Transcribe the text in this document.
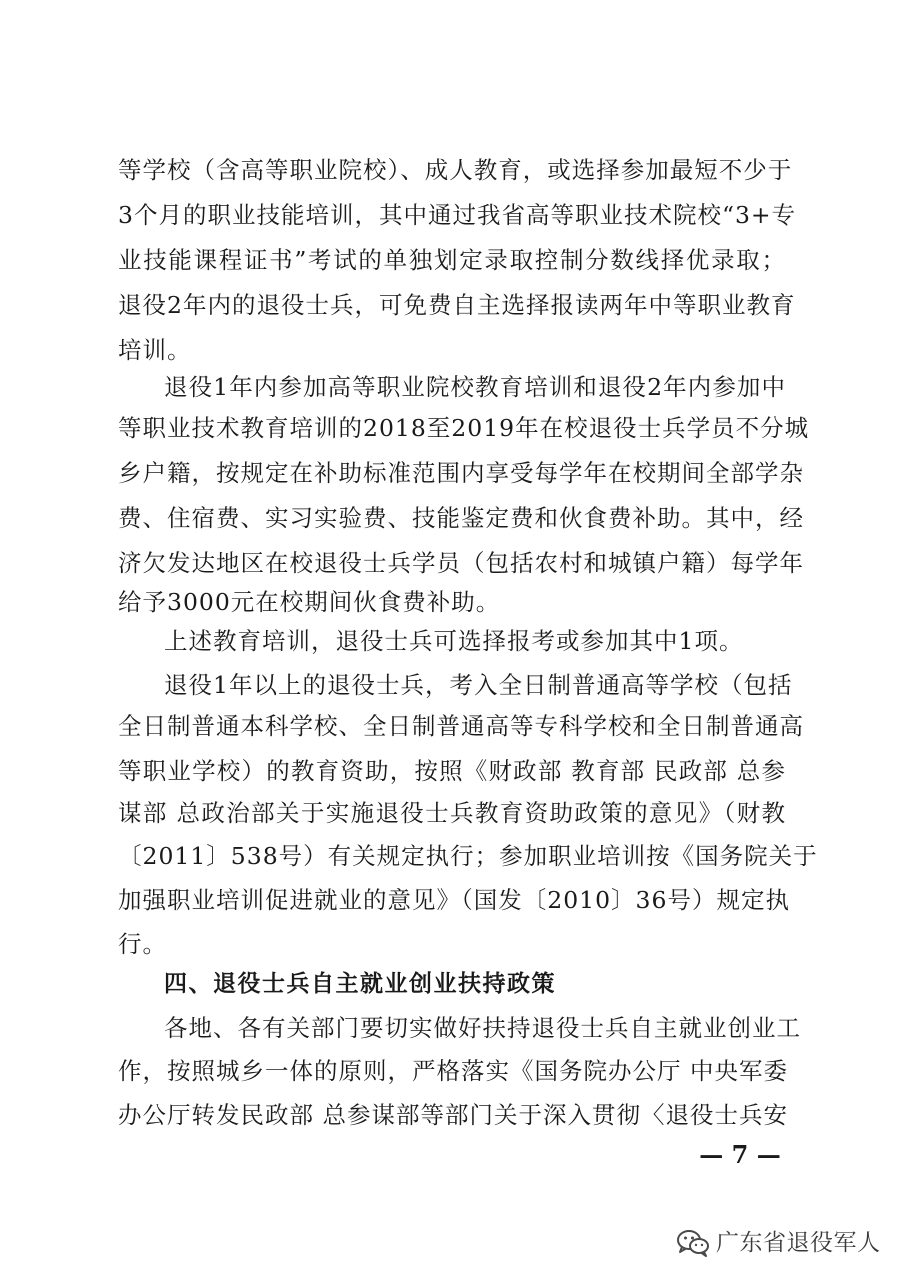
等学校（含高等职业院校）、成人教育，或选择参加最短不少于
3个月的职业技能培训，其中通过我省高等职业技术院校“3+专
业技能课程证书”考试的单独划定录取控制分数线择优录取；
退役2年内的退役士兵，可免费自主选择报读两年中等职业教育
培训。
退役1年内参加高等职业院校教育培训和退役2年内参加中
等职业技术教育培训的2018至2019年在校退役士兵学员不分城
乡户籍，按规定在补助标准范围内享受每学年在校期间全部学杂
费、住宿费、实习实验费、技能鉴定费和伙食费补助。其中，经
济欠发达地区在校退役士兵学员（包括农村和城镇户籍）每学年
给予3000元在校期间伙食费补助。
上述教育培训，退役士兵可选择报考或参加其中1项。
退役1年以上的退役士兵，考入全日制普通高等学校（包括
全日制普通本科学校、全日制普通高等专科学校和全日制普通高
等职业学校）的教育资助，按照《财政部 教育部 民政部 总参
谋部 总政治部关于实施退役士兵教育资助政策的意见》（财教
〔2011〕538号）有关规定执行；参加职业培训按《国务院关于
加强职业培训促进就业的意见》（国发〔2010〕36号）规定执
行。
四、退役士兵自主就业创业扶持政策
各地、各有关部门要切实做好扶持退役士兵自主就业创业工
作，按照城乡一体的原则，严格落实《国务院办公厅 中央军委
办公厅转发民政部 总参谋部等部门关于深入贯彻〈退役士兵安
— 7 —
广东省退役军人
